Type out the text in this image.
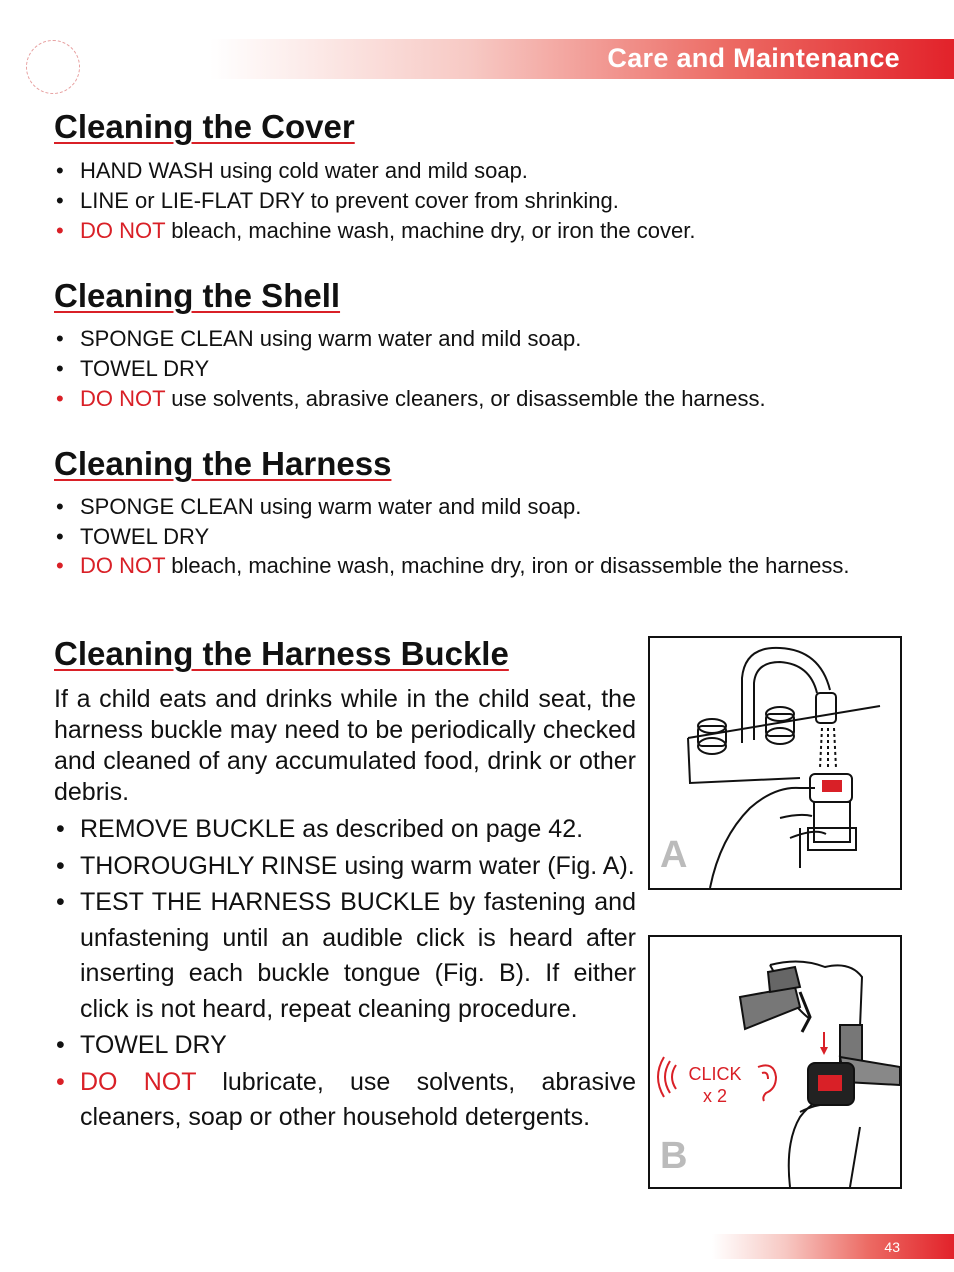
Care and Maintenance
Cleaning the Cover
• HAND WASH using cold water and mild soap.
• LINE or LIE-FLAT DRY to prevent cover from shrinking.
• DO NOT bleach, machine wash, machine dry, or iron the cover.
Cleaning the Shell
• SPONGE CLEAN using warm water and mild soap.
• TOWEL DRY
• DO NOT use solvents, abrasive cleaners, or disassemble the harness.
Cleaning the Harness
• SPONGE CLEAN using warm water and mild soap.
• TOWEL DRY
• DO NOT bleach, machine wash, machine dry, iron or disassemble the harness.
Cleaning the Harness Buckle

If a child eats and drinks while in the child seat, the harness buckle may need to be periodically checked and cleaned of any accumulated food, drink or other debris.

• REMOVE BUCKLE as described on page 42.
• THOROUGHLY RINSE using warm water (Fig. A).
• TEST THE HARNESS BUCKLE by fastening and unfastening until an audible click is heard after inserting each buckle tongue (Fig. B). If either click is not heard, repeat cleaning procedure.
• TOWEL DRY
• DO NOT lubricate, use solvents, abrasive cleaners, soap or other household detergents.
A
CLICK
x 2
B
43
